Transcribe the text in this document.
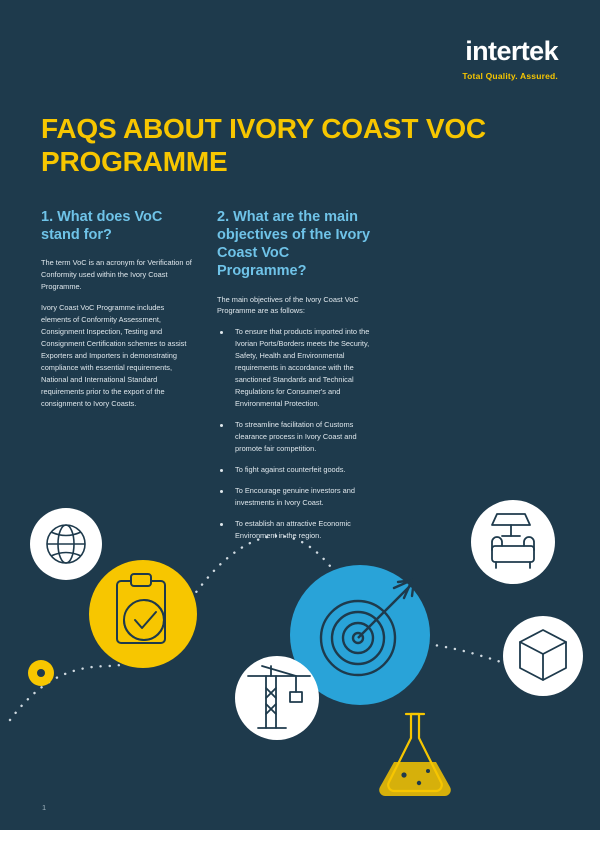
intertek
Total Quality. Assured.
FAQS ABOUT IVORY COAST VOC PROGRAMME
1. What does VoC stand for?

The term VoC is an acronym for Verification of Conformity used within the Ivory Coast Programme.

Ivory Coast VoC Programme includes elements of Conformity Assessment, Consignment Inspection, Testing and Consignment Certification schemes to assist Exporters and Importers in demonstrating compliance with essential requirements, National and International Standard requirements prior to the export of the consignment to Ivory Coasts.

2. What are the main objectives of the Ivory Coast VoC Programme?

The main objectives of the Ivory Coast VoC Programme are as follows:

To ensure that products imported into the Ivorian Ports/Borders meets the Security, Safety, Health and Environmental requirements in accordance with the sanctioned Standards and Technical Regulations for Consumer's and Environmental Protection.
To streamline facilitation of Customs clearance process in Ivory Coast and promote fair competition.
To fight against counterfeit goods.
To Encourage genuine investors and investments in Ivory Coast.
To establish an attractive Economic Environment in the region.
1
